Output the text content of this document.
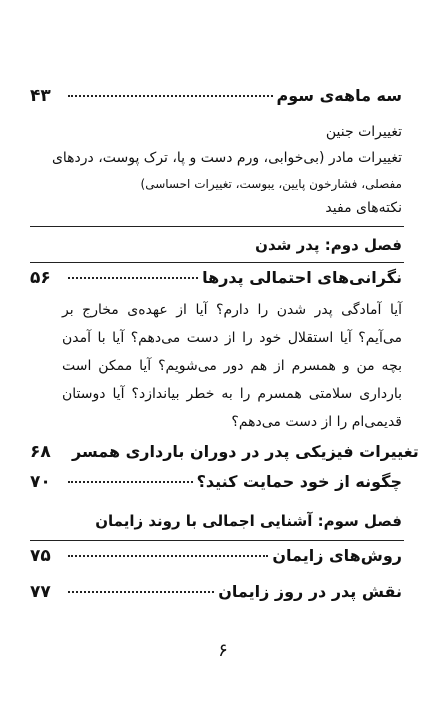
۴۳	سه ماهه‌ی سوم
تغییرات جنین
تغییرات مادر (بی‌خوابی، ورم دست و پا، ترک پوست، دردهای
مفصلی، فشارخون پایین، یبوست، تغییرات احساسی)
نکته‌های مفید
فصل دوم: پدر شدن
۵۶	نگرانی‌های احتمالی پدرها
آیا آمادگی پدر شدن را دارم؟ آیا از عهده‌ی مخارج بر می‌آیم؟ آیا استقلال خود را از دست می‌دهم؟ آیا با آمدن بچه من و همسرم از هم دور می‌شویم؟ آیا ممکن است بارداری سلامتی همسرم را به خطر بیاندازد؟ آیا دوستان قدیمی‌ام را از دست می‌دهم؟
۶۸	تغییرات فیزیکی پدر در دوران بارداری همسر
۷۰	چگونه از خود حمایت کنید؟
فصل سوم: آشنایی اجمالی با روند زایمان
۷۵	روش‌های زایمان
۷۷	نقش پدر در روز زایمان
۶
